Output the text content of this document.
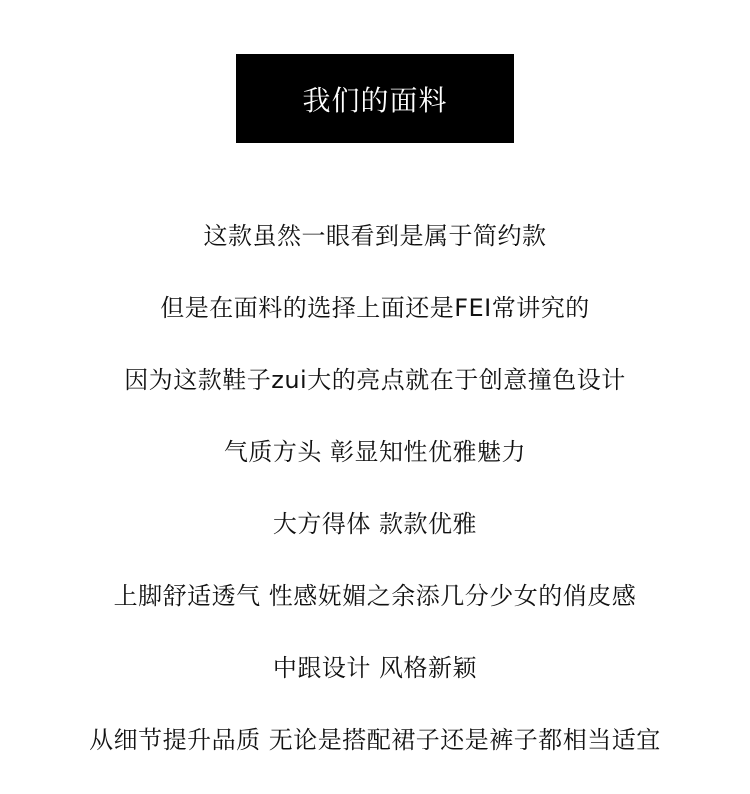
我们的面料
这款虽然一眼看到是属于简约款
但是在面料的选择上面还是FEI常讲究的
因为这款鞋子zui大的亮点就在于创意撞色设计
气质方头 彰显知性优雅魅力
大方得体 款款优雅
上脚舒适透气 性感妩媚之余添几分少女的俏皮感
中跟设计 风格新颖
从细节提升品质 无论是搭配裙子还是裤子都相当适宜
